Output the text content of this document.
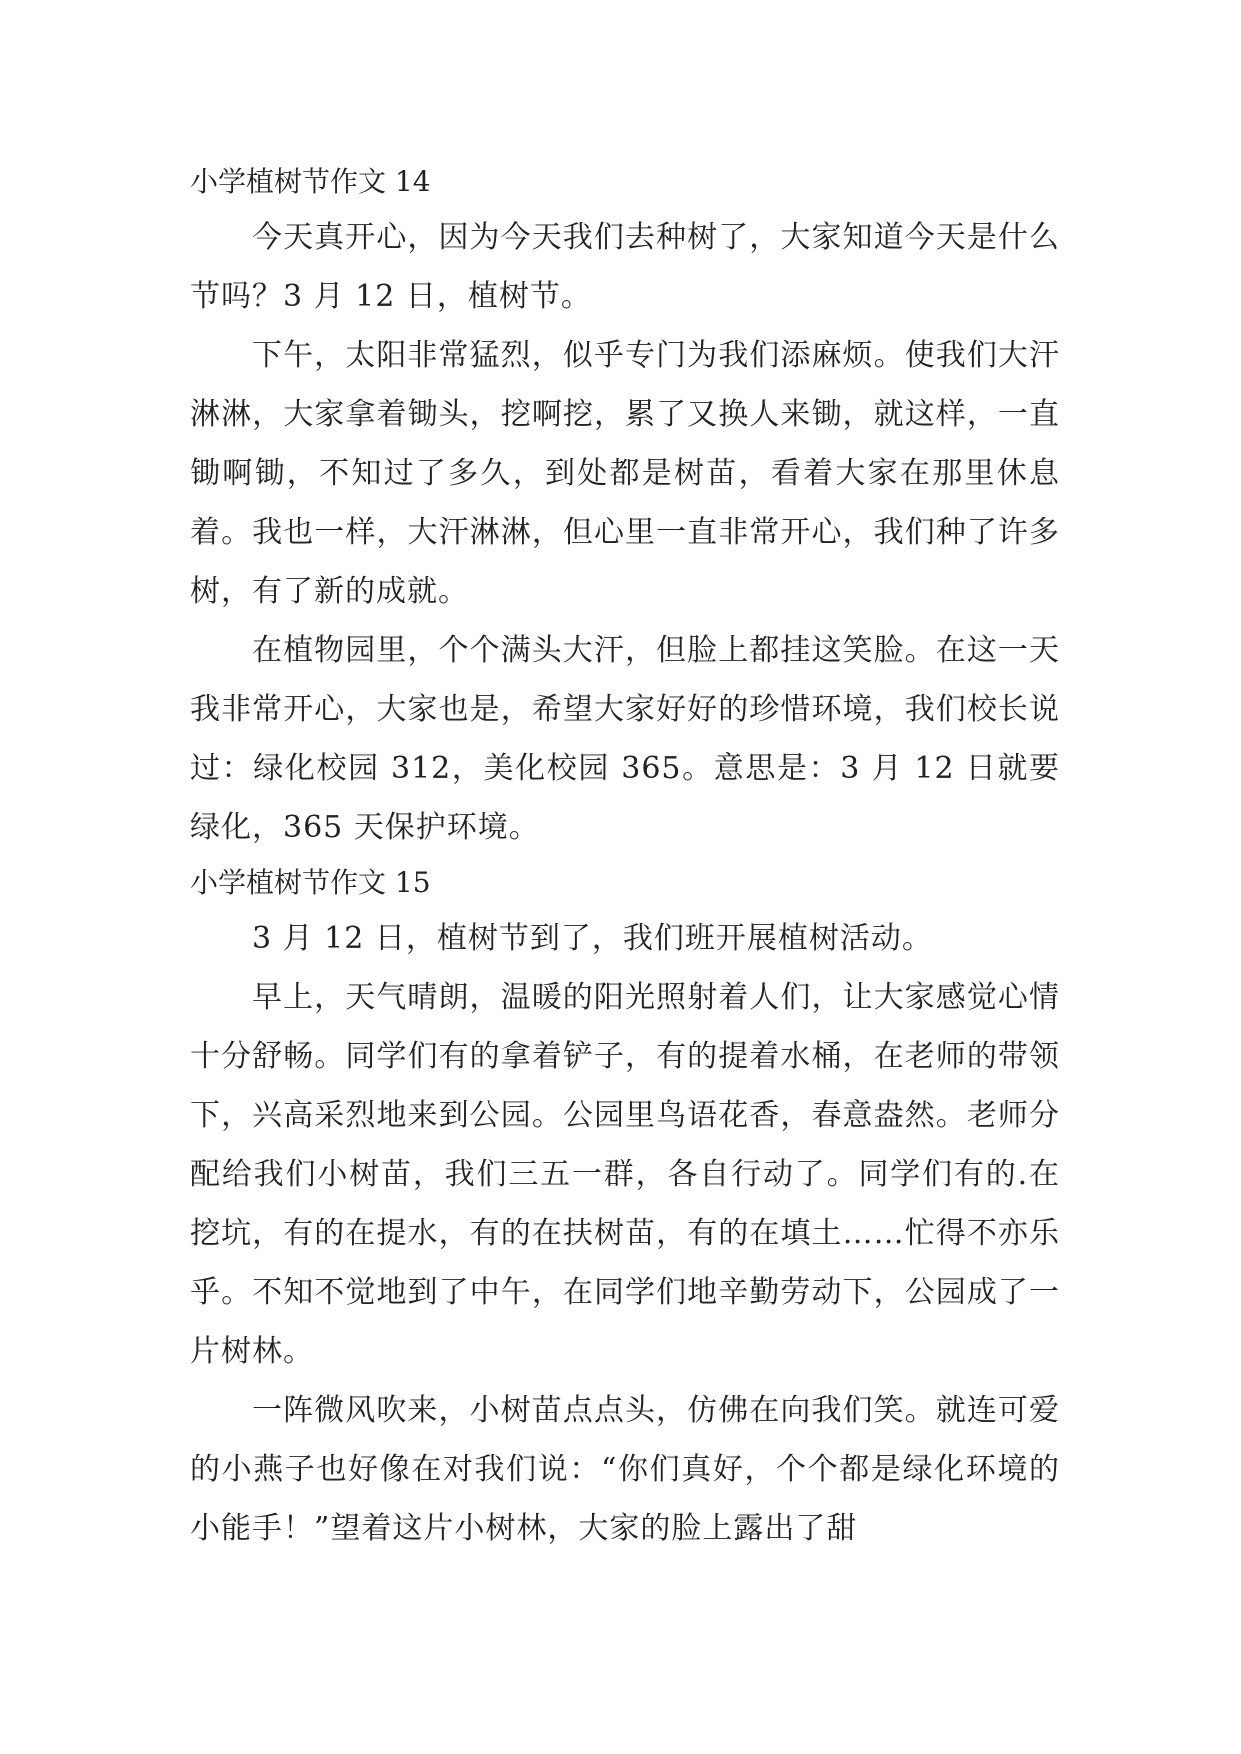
小学植树节作文 14

今天真开心，因为今天我们去种树了，大家知道今天是什么节吗？3 月 12 日，植树节。

下午，太阳非常猛烈，似乎专门为我们添麻烦。使我们大汗淋淋，大家拿着锄头，挖啊挖，累了又换人来锄，就这样，一直锄啊锄，不知过了多久，到处都是树苗，看着大家在那里休息着。我也一样，大汗淋淋，但心里一直非常开心，我们种了许多树，有了新的成就。

在植物园里，个个满头大汗，但脸上都挂这笑脸。在这一天我非常开心，大家也是，希望大家好好的珍惜环境，我们校长说过：绿化校园 312，美化校园 365。意思是：3 月 12 日就要绿化，365 天保护环境。

小学植树节作文 15

3 月 12 日，植树节到了，我们班开展植树活动。

早上，天气晴朗，温暖的阳光照射着人们，让大家感觉心情十分舒畅。同学们有的拿着铲子，有的提着水桶，在老师的带领下，兴高采烈地来到公园。公园里鸟语花香，春意盎然。老师分配给我们小树苗，我们三五一群，各自行动了。同学们有的.在挖坑，有的在提水，有的在扶树苗，有的在填土……忙得不亦乐乎。不知不觉地到了中午，在同学们地辛勤劳动下，公园成了一片树林。

一阵微风吹来，小树苗点点头，仿佛在向我们笑。就连可爱的小燕子也好像在对我们说：“你们真好，个个都是绿化环境的小能手！”望着这片小树林，大家的脸上露出了甜
